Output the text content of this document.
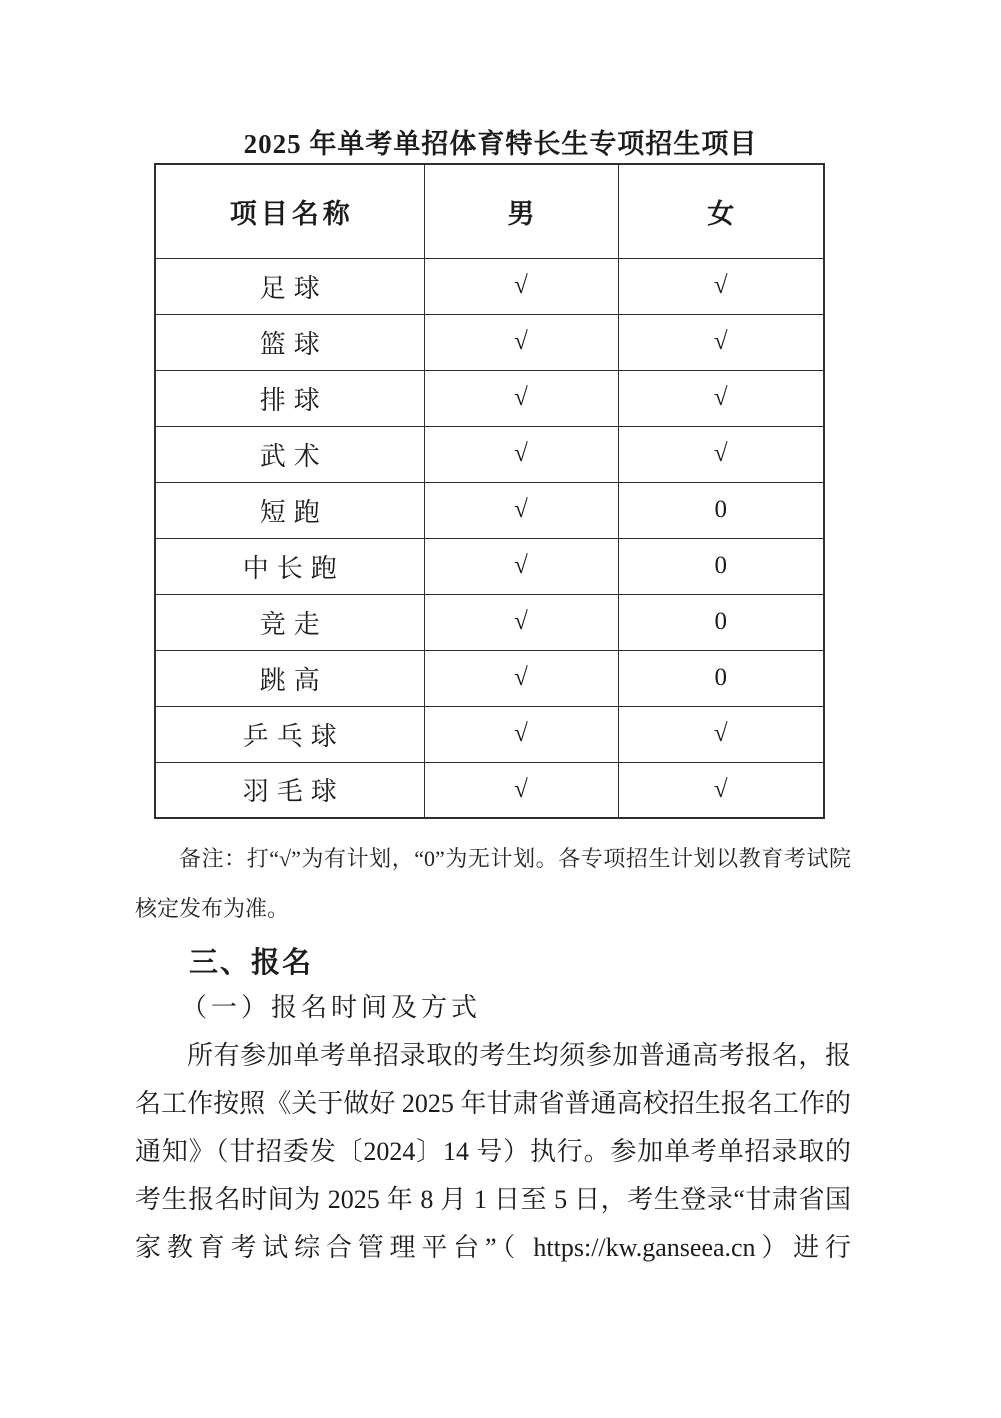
2025 年单考单招体育特长生专项招生项目
项目名称	男	女
足球	√	√
篮球	√	√
排球	√	√
武术	√	√
短跑	√	0
中长跑	√	0
竞走	√	0
跳高	√	0
乒乓球	√	√
羽毛球	√	√

备注：打“√”为有计划，“0”为无计划。各专项招生计划以教育考试院
核定发布为准。

三、报名
（一）报名时间及方式
所有参加单考单招录取的考生均须参加普通高考报名，报
名工作按照《关于做好 2025 年甘肃省普通高校招生报名工作的
通知》（甘招委发〔2024〕14 号）执行。参加单考单招录取的
考生报名时间为 2025 年 8 月 1 日至 5 日，考生登录“甘肃省国
家教育考试综合管理平台”（ https://kw.ganseea.cn）进行
